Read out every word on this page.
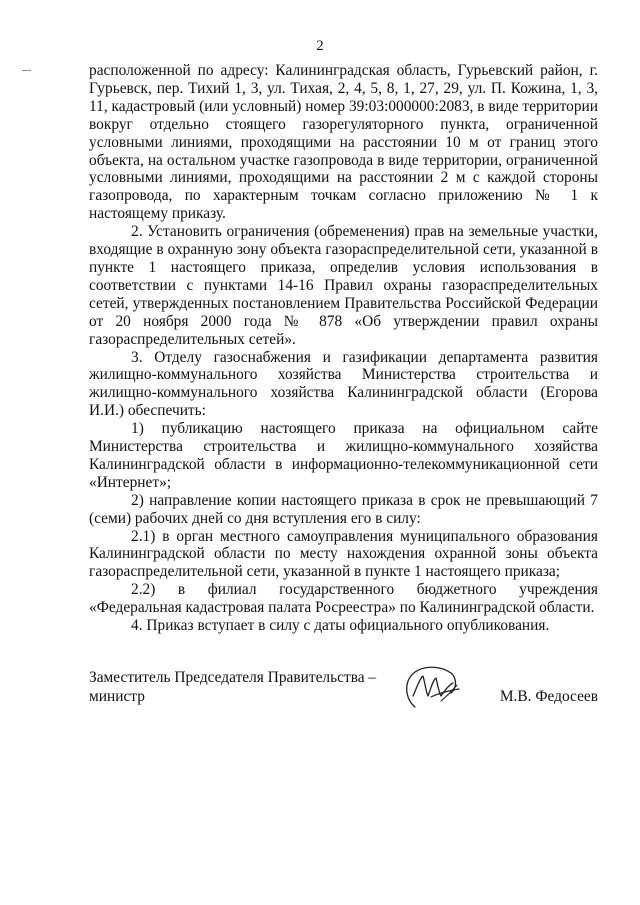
2

расположенной по адресу: Калининградская область, Гурьевский район, г. Гурьевск, пер. Тихий 1, 3, ул. Тихая, 2, 4, 5, 8, 1, 27, 29, ул. П. Кожина, 1, 3, 11, кадастровый (или условный) номер 39:03:000000:2083, в виде территории вокруг отдельно стоящего газорегуляторного пункта, ограниченной условными линиями, проходящими на расстоянии 10 м от границ этого объекта, на остальном участке газопровода в виде территории, ограниченной условными линиями, проходящими на расстоянии 2 м с каждой стороны газопровода, по характерным точкам согласно приложению № 1 к настоящему приказу.

2. Установить ограничения (обременения) прав на земельные участки, входящие в охранную зону объекта газораспределительной сети, указанной в пункте 1 настоящего приказа, определив условия использования в соответствии с пунктами 14-16 Правил охраны газораспределительных сетей, утвержденных постановлением Правительства Российской Федерации от 20 ноября 2000 года № 878 «Об утверждении правил охраны газораспределительных сетей».

3. Отделу газоснабжения и газификации департамента развития жилищно-коммунального хозяйства Министерства строительства и жилищно-коммунального хозяйства Калининградской области (Егорова И.И.) обеспечить:

1) публикацию настоящего приказа на официальном сайте Министерства строительства и жилищно-коммунального хозяйства Калининградской области в информационно-телекоммуникационной сети «Интернет»;

2) направление копии настоящего приказа в срок не превышающий 7 (семи) рабочих дней со дня вступления его в силу:

2.1) в орган местного самоуправления муниципального образования Калининградской области по месту нахождения охранной зоны объекта газораспределительной сети, указанной в пункте 1 настоящего приказа;

2.2) в филиал государственного бюджетного учреждения «Федеральная кадастровая палата Росреестра» по Калининградской области.

4. Приказ вступает в силу с даты официального опубликования.

Заместитель Председателя Правительства –
министр	М.В. Федосеев
